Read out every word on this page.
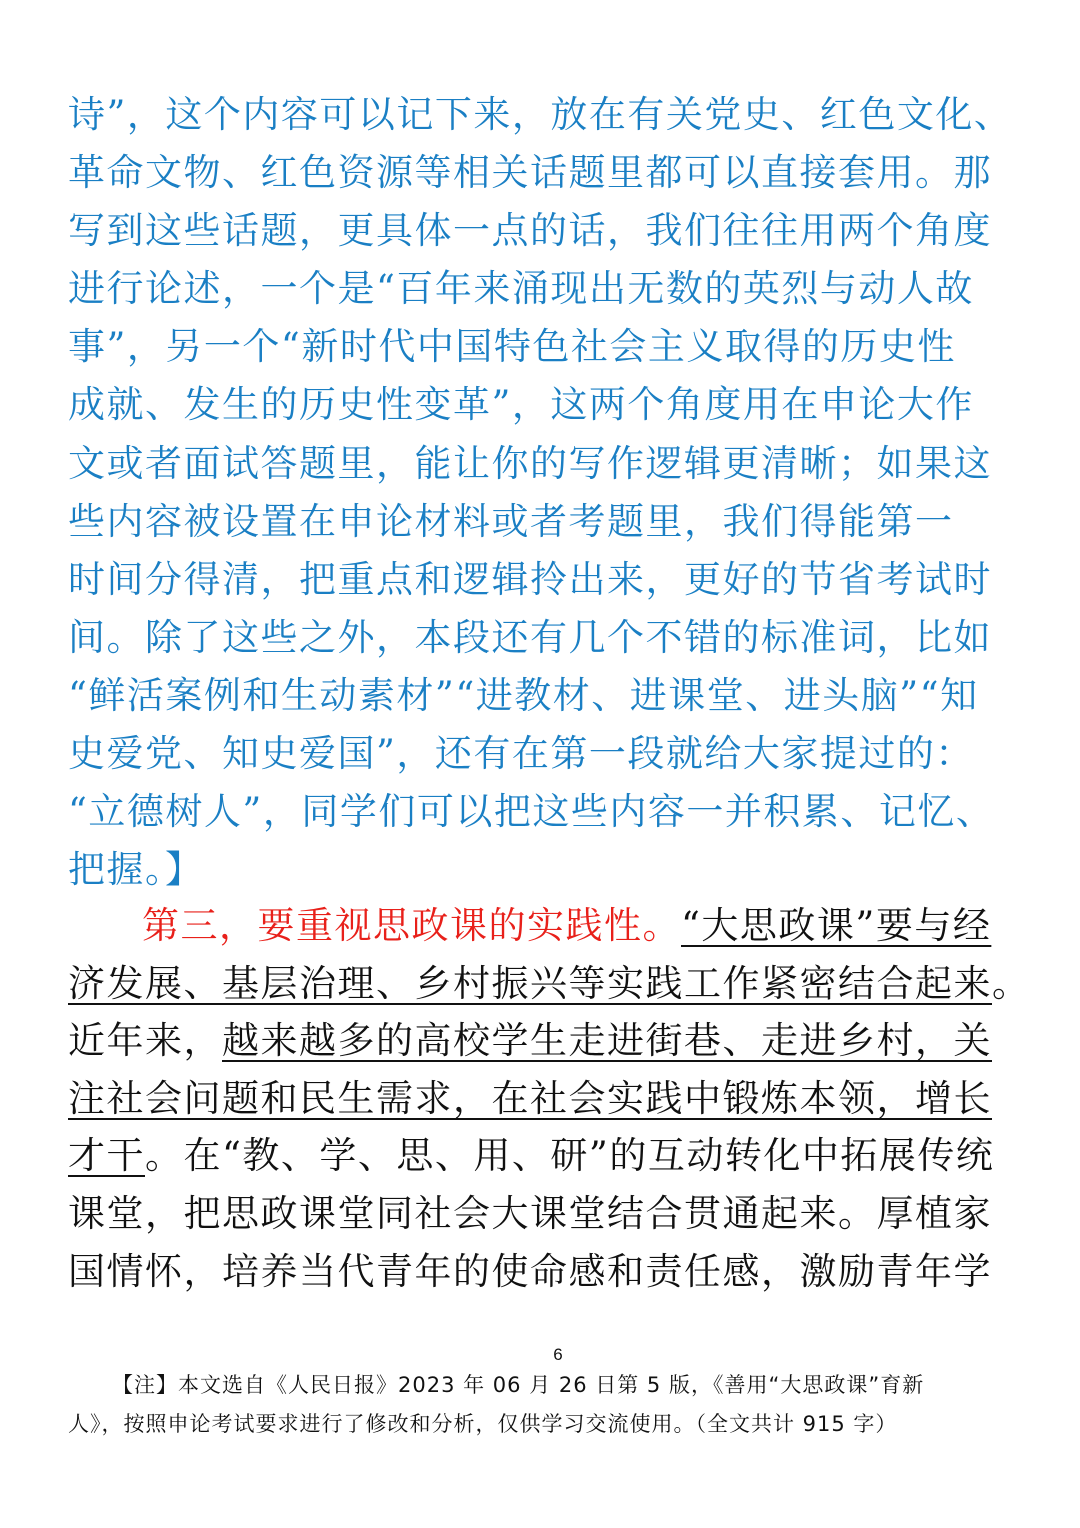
诗”，这个内容可以记下来，放在有关党史、红色文化、
革命文物、红色资源等相关话题里都可以直接套用。那
写到这些话题，更具体一点的话，我们往往用两个角度
进行论述，一个是“百年来涌现出无数的英烈与动人故
事”，另一个“新时代中国特色社会主义取得的历史性
成就、发生的历史性变革”，这两个角度用在申论大作
文或者面试答题里，能让你的写作逻辑更清晰；如果这
些内容被设置在申论材料或者考题里，我们得能第一
时间分得清，把重点和逻辑拎出来，更好的节省考试时
间。除了这些之外，本段还有几个不错的标准词，比如
“鲜活案例和生动素材”“进教材、进课堂、进头脑”“知
史爱党、知史爱国”，还有在第一段就给大家提过的：
“立德树人”，同学们可以把这些内容一并积累、记忆、
把握。】
第三，要重视思政课的实践性。“大思政课”要与经
济发展、基层治理、乡村振兴等实践工作紧密结合起来。
近年来，越来越多的高校学生走进街巷、走进乡村，关
注社会问题和民生需求，在社会实践中锻炼本领，增长
才干。在“教、学、思、用、研”的互动转化中拓展传统
课堂，把思政课堂同社会大课堂结合贯通起来。厚植家
国情怀，培养当代青年的使命感和责任感，激励青年学
6
【注】本文选自《人民日报》2023 年 06 月 26 日第 5 版，《善用“大思政课”育新
人》，按照申论考试要求进行了修改和分析，仅供学习交流使用。（全文共计 915 字）
